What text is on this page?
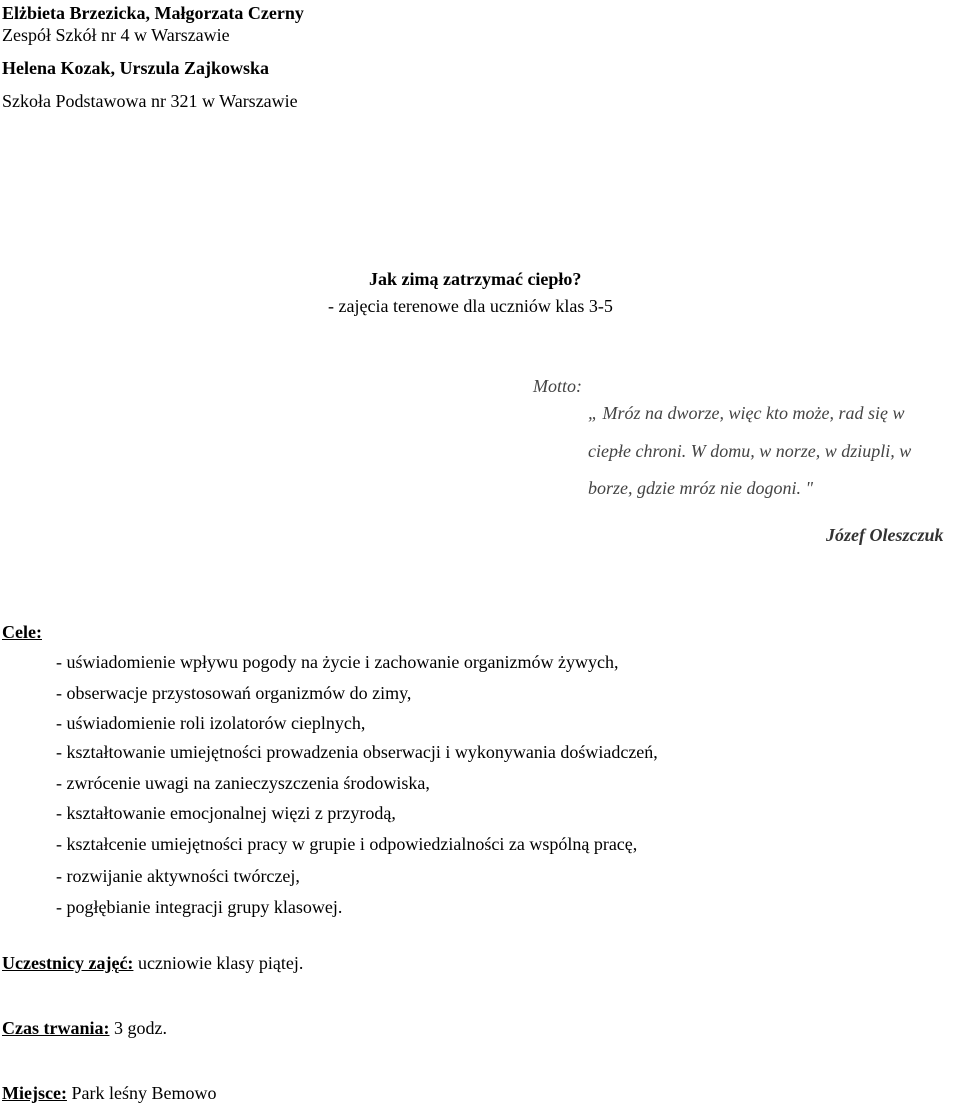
Elżbieta Brzezicka, Małgorzata Czerny
Zespół Szkół nr 4 w Warszawie
Helena Kozak, Urszula Zajkowska
Szkoła Podstawowa nr 321 w Warszawie
Jak zimą zatrzymać ciepło?
- zajęcia terenowe dla uczniów klas 3-5
Motto:
„ Mróz na dworze, więc kto może, rad się w
ciepłe chroni. W domu, w norze, w dziupli, w
borze, gdzie mróz nie dogoni. "
Józef Oleszczuk
Cele:
- uświadomienie wpływu pogody na życie i zachowanie organizmów żywych,
- obserwacje przystosowań organizmów do zimy,
- uświadomienie roli izolatorów cieplnych,
- kształtowanie umiejętności prowadzenia obserwacji i wykonywania doświadczeń,
- zwrócenie uwagi na zanieczyszczenia środowiska,
- kształtowanie emocjonalnej więzi z przyrodą,
- kształcenie umiejętności pracy w grupie i odpowiedzialności za wspólną pracę,
- rozwijanie aktywności twórczej,
- pogłębianie integracji grupy klasowej.
Uczestnicy zajęć: uczniowie klasy piątej.
Czas trwania: 3 godz.
Miejsce: Park leśny Bemowo
